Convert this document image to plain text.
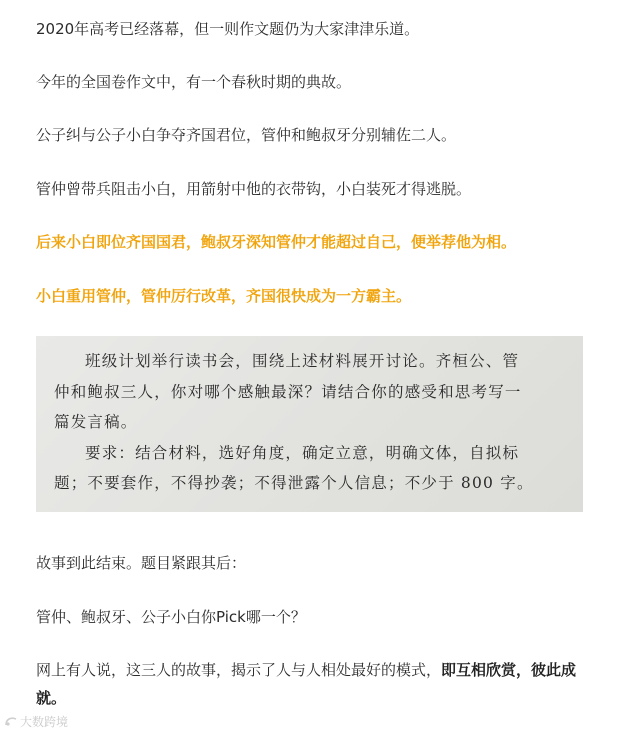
2020年高考已经落幕，但一则作文题仍为大家津津乐道。
今年的全国卷作文中，有一个春秋时期的典故。
公子纠与公子小白争夺齐国君位，管仲和鲍叔牙分别辅佐二人。
管仲曾带兵阻击小白，用箭射中他的衣带钩，小白装死才得逃脱。
后来小白即位齐国国君，鲍叔牙深知管仲才能超过自己，便举荐他为相。
小白重用管仲，管仲厉行改革，齐国很快成为一方霸主。
班级计划举行读书会，围绕上述材料展开讨论。齐桓公、管
仲和鲍叔三人，你对哪个感触最深？请结合你的感受和思考写一
篇发言稿。
要求：结合材料，选好角度，确定立意，明确文体，自拟标
题；不要套作，不得抄袭；不得泄露个人信息；不少于 800 字。
故事到此结束。题目紧跟其后：
管仲、鲍叔牙、公子小白你Pick哪一个？
网上有人说，这三人的故事，揭示了人与人相处最好的模式，即互相欣赏，彼此成就。
大数跨境
